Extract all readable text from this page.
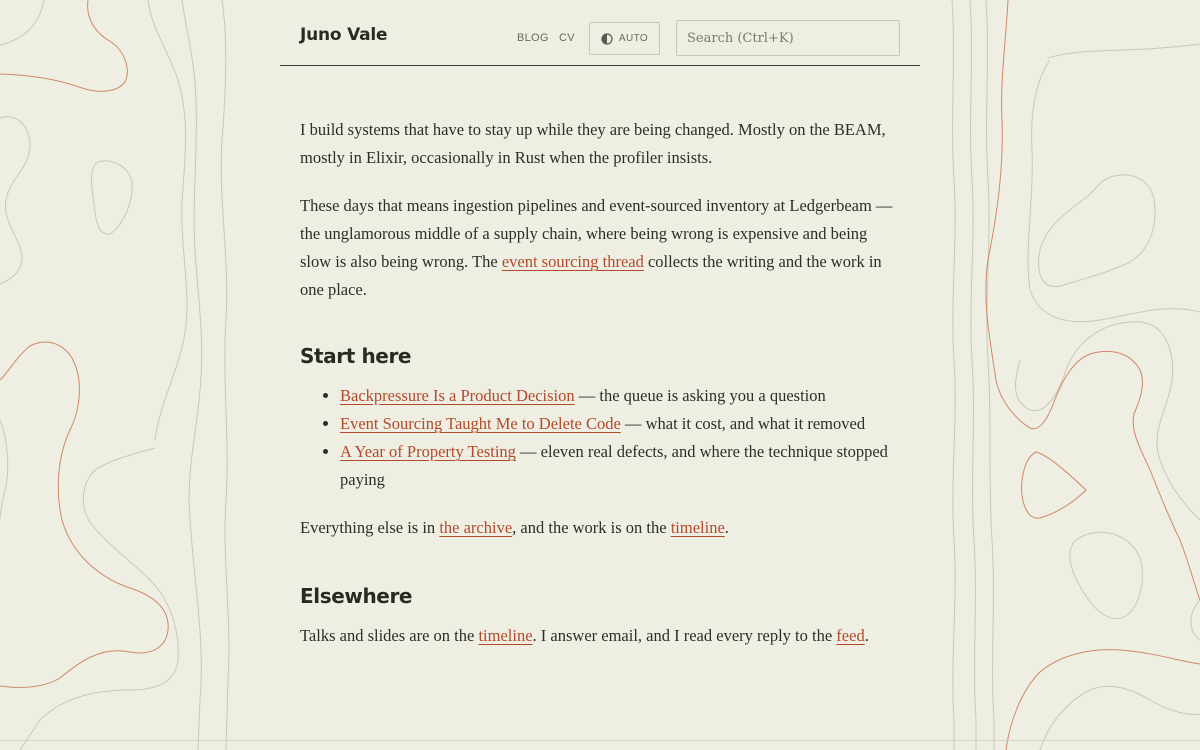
Juno Vale	BLOG CV	AUTO
Search (Ctrl+K)

I build systems that have to stay up while they are being changed. Mostly on the BEAM, mostly in Elixir, occasionally in Rust when the profiler insists.

These days that means ingestion pipelines and event-sourced inventory at Ledgerbeam — the unglamorous middle of a supply chain, where being wrong is expensive and being slow is also being wrong. The event sourcing thread collects the writing and the work in one place.

Start here
• Backpressure Is a Product Decision — the queue is asking you a question
• Event Sourcing Taught Me to Delete Code — what it cost, and what it removed
• A Year of Property Testing — eleven real defects, and where the technique stopped paying

Everything else is in the archive, and the work is on the timeline.

Elsewhere

Talks and slides are on the timeline. I answer email, and I read every reply to the feed.
